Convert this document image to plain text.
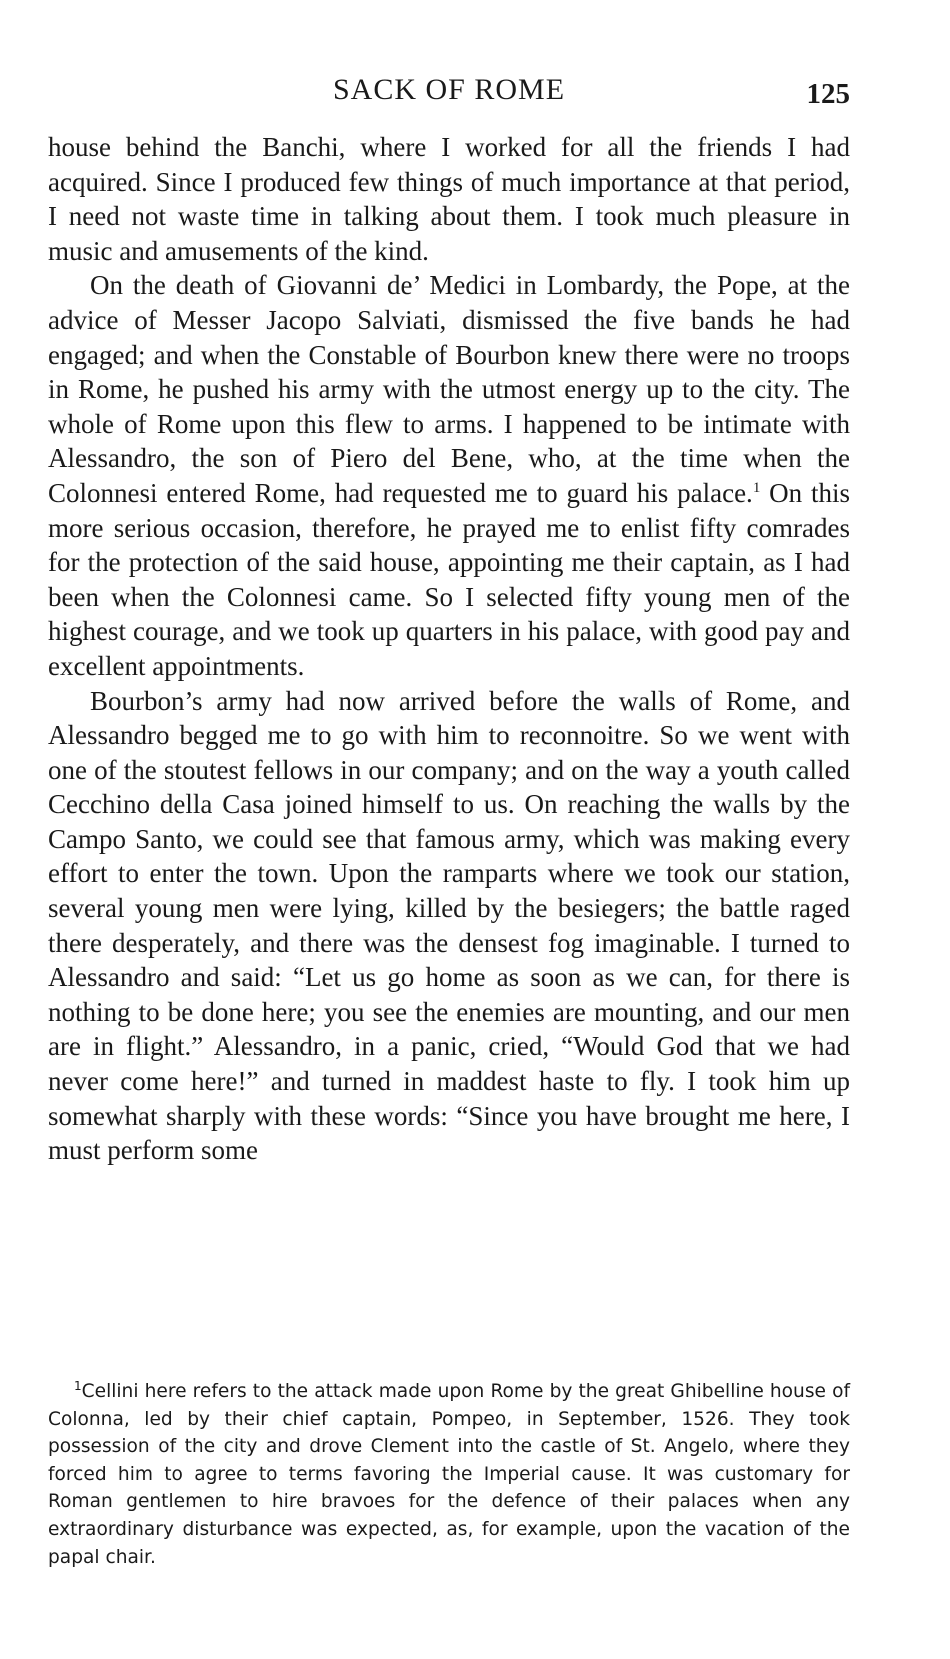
SACK OF ROME	125

house behind the Banchi, where I worked for all the friends I had acquired. Since I produced few things of much importance at that period, I need not waste time in talking about them. I took much pleasure in music and amusements of the kind.

On the death of Giovanni de’ Medici in Lombardy, the Pope, at the advice of Messer Jacopo Salviati, dismissed the five bands he had engaged; and when the Constable of Bourbon knew there were no troops in Rome, he pushed his army with the utmost energy up to the city. The whole of Rome upon this flew to arms. I happened to be intimate with Alessandro, the son of Piero del Bene, who, at the time when the Colonnesi entered Rome, had requested me to guard his palace.$^1$ On this more serious occasion, therefore, he prayed me to enlist fifty comrades for the protection of the said house, appointing me their captain, as I had been when the Colonnesi came. So I selected fifty young men of the highest courage, and we took up quarters in his palace, with good pay and excellent appointments.

Bourbon’s army had now arrived before the walls of Rome, and Alessandro begged me to go with him to reconnoitre. So we went with one of the stoutest fellows in our company; and on the way a youth called Cecchino della Casa joined himself to us. On reaching the walls by the Campo Santo, we could see that famous army, which was making every effort to enter the town. Upon the ramparts where we took our station, several young men were lying, killed by the besiegers; the battle raged there desperately, and there was the densest fog imaginable. I turned to Alessandro and said: “Let us go home as soon as we can, for there is nothing to be done here; you see the enemies are mounting, and our men are in flight.” Alessandro, in a panic, cried, “Would God that we had never come here!” and turned in maddest haste to fly. I took him up somewhat sharply with these words: “Since you have brought me here, I must perform some

$^1$Cellini here refers to the attack made upon Rome by the great Ghibelline house of Colonna, led by their chief captain, Pompeo, in September, 1526. They took possession of the city and drove Clement into the castle of St. Angelo, where they forced him to agree to terms favoring the Imperial cause. It was customary for Roman gentlemen to hire bravoes for the defence of their palaces when any extraordinary disturbance was expected, as, for example, upon the vacation of the papal chair.
